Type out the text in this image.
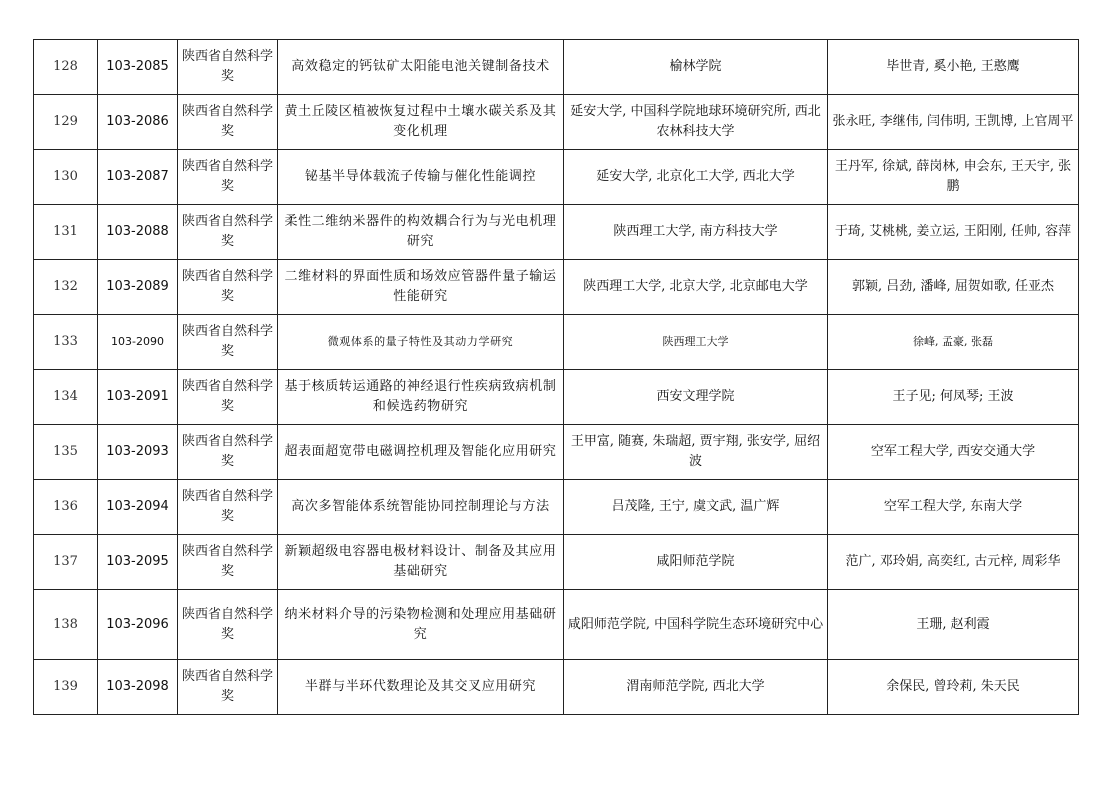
128	103-2085	陕西省自然科学奖	高效稳定的钙钛矿太阳能电池关键制备技术	榆林学院	毕世青, 奚小艳, 王憨鹰
129	103-2086	陕西省自然科学奖	黄土丘陵区植被恢复过程中土壤水碳关系及其变化机理	延安大学, 中国科学院地球环境研究所, 西北农林科技大学	张永旺, 李继伟, 闫伟明, 王凯博, 上官周平
130	103-2087	陕西省自然科学奖	铋基半导体载流子传输与催化性能调控	延安大学, 北京化工大学, 西北大学	王丹军, 徐斌, 薛岗林, 申会东, 王天宇, 张鹏
131	103-2088	陕西省自然科学奖	柔性二维纳米器件的构效耦合行为与光电机理研究	陕西理工大学, 南方科技大学	于琦, 艾桃桃, 姜立运, 王阳刚, 任帅, 容萍
132	103-2089	陕西省自然科学奖	二维材料的界面性质和场效应管器件量子输运性能研究	陕西理工大学, 北京大学, 北京邮电大学	郭颖, 吕劲, 潘峰, 屈贺如歌, 任亚杰
133	103-2090	陕西省自然科学奖	微观体系的量子特性及其动力学研究	陕西理工大学	徐峰, 孟豪, 张磊
134	103-2091	陕西省自然科学奖	基于核质转运通路的神经退行性疾病致病机制和候选药物研究	西安文理学院	王子见; 何凤琴; 王波
135	103-2093	陕西省自然科学奖	超表面超宽带电磁调控机理及智能化应用研究	王甲富, 随赛, 朱瑞超, 贾宇翔, 张安学, 屈绍波	空军工程大学, 西安交通大学
136	103-2094	陕西省自然科学奖	高次多智能体系统智能协同控制理论与方法	吕茂隆, 王宁, 虞文武, 温广辉	空军工程大学, 东南大学
137	103-2095	陕西省自然科学奖	新颖超级电容器电极材料设计、制备及其应用基础研究	咸阳师范学院	范广, 邓玲娟, 高奕红, 古元梓, 周彩华
138	103-2096	陕西省自然科学奖	纳米材料介导的污染物检测和处理应用基础研究	咸阳师范学院, 中国科学院生态环境研究中心	王珊, 赵利霞
139	103-2098	陕西省自然科学奖	半群与半环代数理论及其交叉应用研究	渭南师范学院, 西北大学	余保民, 曾玲莉, 朱天民
